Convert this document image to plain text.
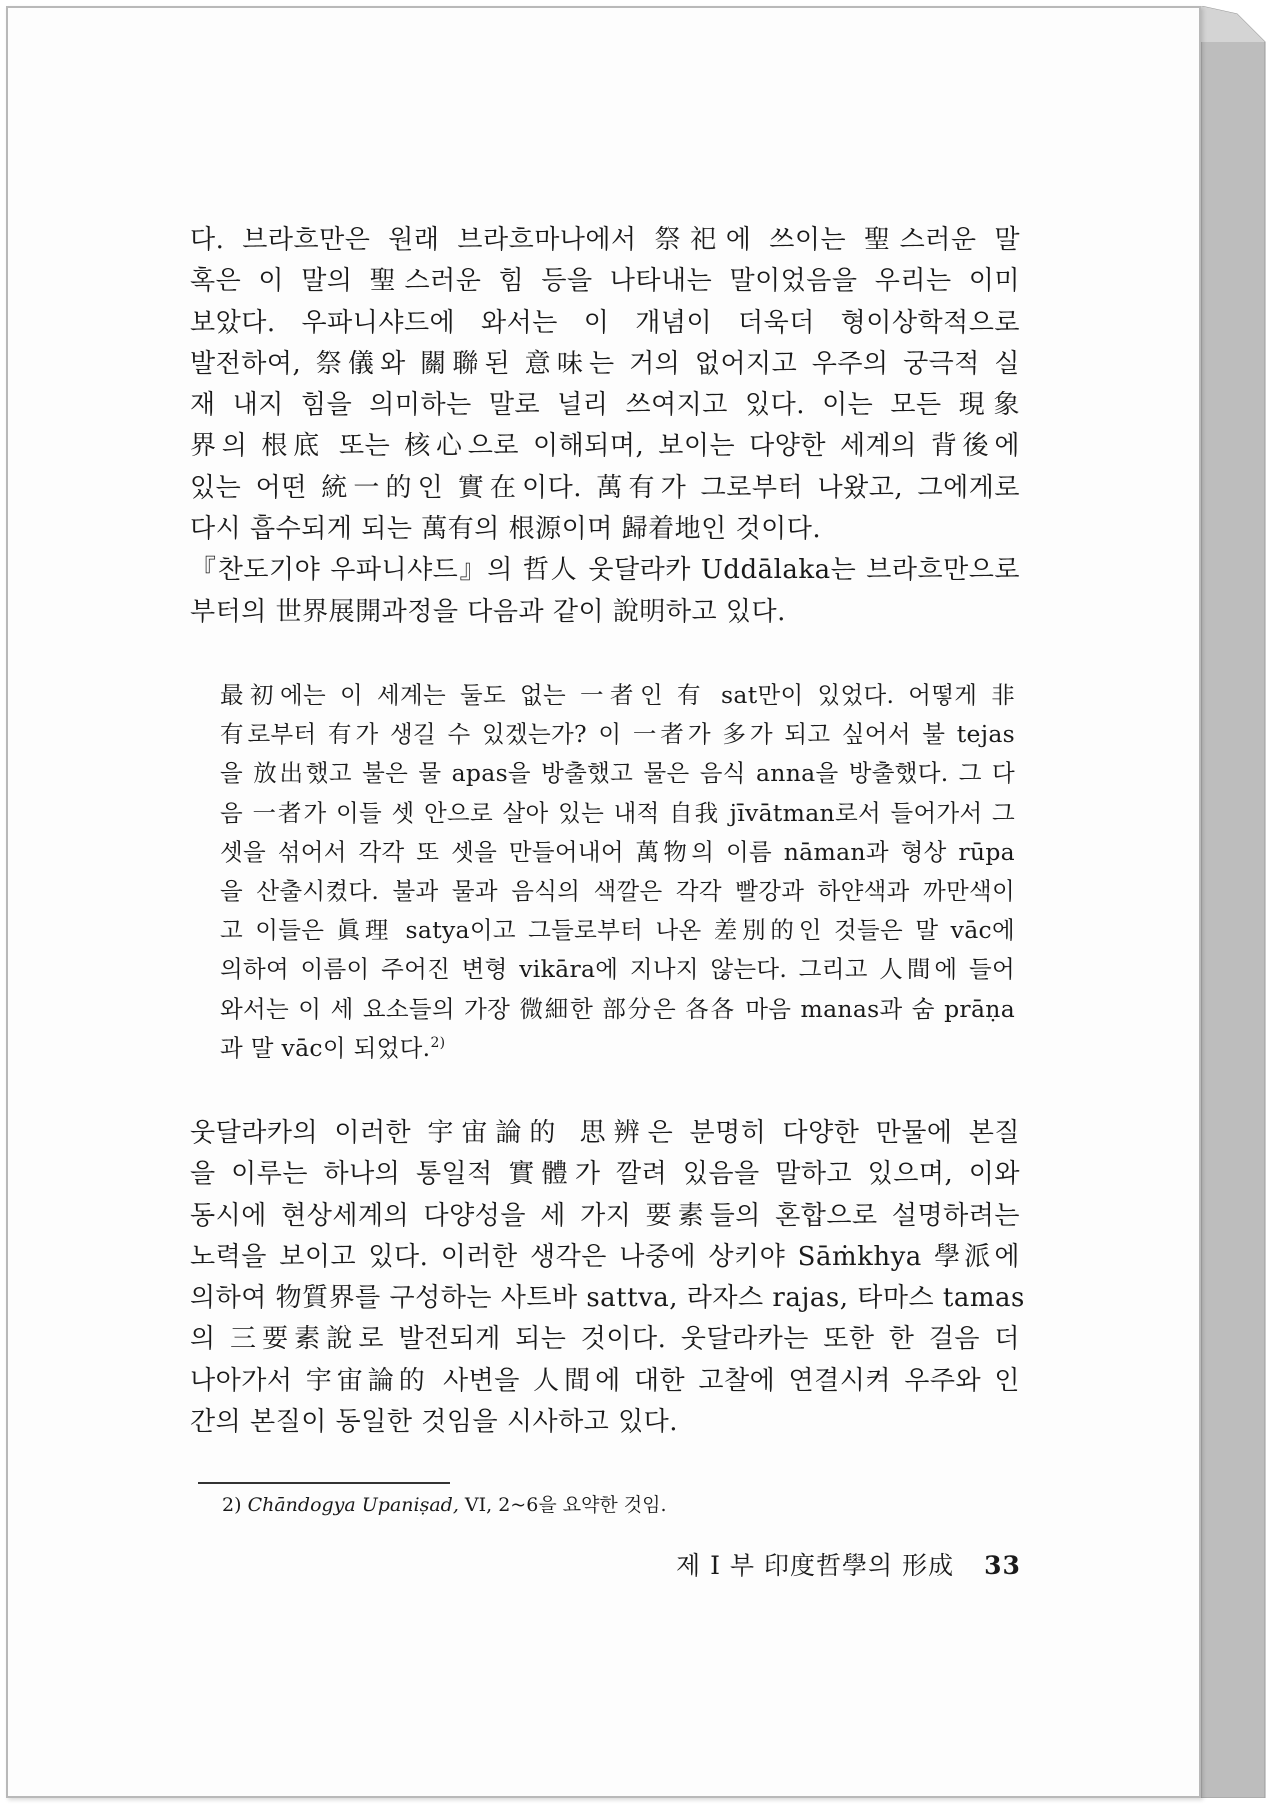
다. 브라흐만은 원래 브라흐마나에서 祭祀에 쓰이는 聖스러운 말
혹은 이 말의 聖스러운 힘 등을 나타내는 말이었음을 우리는 이미
보았다. 우파니샤드에 와서는 이 개념이 더욱더 형이상학적으로
발전하여, 祭儀와 關聯된 意味는 거의 없어지고 우주의 궁극적 실
재 내지 힘을 의미하는 말로 널리 쓰여지고 있다. 이는 모든 現象
界의 根底 또는 核心으로 이해되며, 보이는 다양한 세계의 背後에
있는 어떤 統一的인 實在이다. 萬有가 그로부터 나왔고, 그에게로
다시 흡수되게 되는 萬有의 根源이며 歸着地인 것이다.
『찬도기야 우파니샤드』의 哲人 웃달라카 Uddālaka는 브라흐만으로
부터의 世界展開과정을 다음과 같이 說明하고 있다.
最初에는 이 세계는 둘도 없는 一者인 有 sat만이 있었다. 어떻게 非
有로부터 有가 생길 수 있겠는가? 이 一者가 多가 되고 싶어서 불 tejas
을 放出했고 불은 물 apas을 방출했고 물은 음식 anna을 방출했다. 그 다
음 一者가 이들 셋 안으로 살아 있는 내적 自我 jīvātman로서 들어가서 그
셋을 섞어서 각각 또 셋을 만들어내어 萬物의 이름 nāman과 형상 rūpa
을 산출시켰다. 불과 물과 음식의 색깔은 각각 빨강과 하얀색과 까만색이
고 이들은 眞理 satya이고 그들로부터 나온 差別的인 것들은 말 vāc에
의하여 이름이 주어진 변형 vikāra에 지나지 않는다. 그리고 人間에 들어
와서는 이 세 요소들의 가장 微細한 部分은 各各 마음 manas과 숨 prāṇa
과 말 vāc이 되었다.$^{2)}$
웃달라카의 이러한 宇宙論的 思辨은 분명히 다양한 만물에 본질
을 이루는 하나의 통일적 實體가 깔려 있음을 말하고 있으며, 이와
동시에 현상세계의 다양성을 세 가지 要素들의 혼합으로 설명하려는
노력을 보이고 있다. 이러한 생각은 나중에 상키야 Sāṁkhya 學派에
의하여 物質界를 구성하는 사트바 sattva, 라자스 rajas, 타마스 tamas
의 三要素說로 발전되게 되는 것이다. 웃달라카는 또한 한 걸음 더
나아가서 宇宙論的 사변을 人間에 대한 고찰에 연결시켜 우주와 인
간의 본질이 동일한 것임을 시사하고 있다.
2) Chāndogya Upaniṣad, VI, 2~6을 요약한 것임.
제 I 부 印度哲學의 形成 33
